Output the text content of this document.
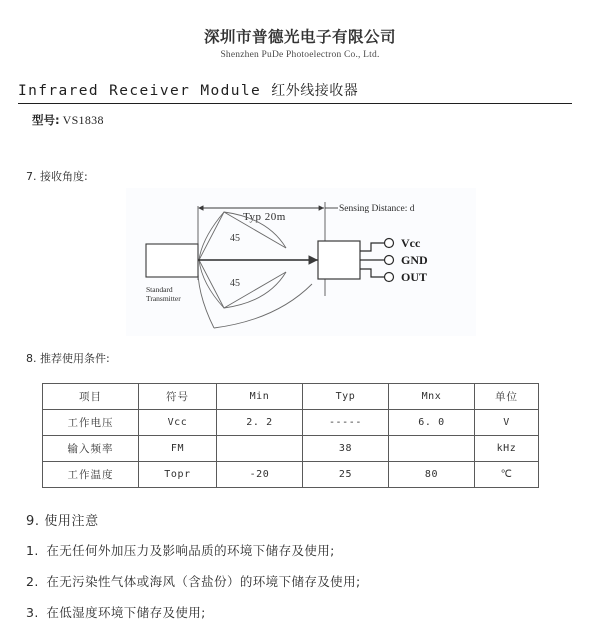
深圳市普德光电子有限公司
Shenzhen PuDe Photoelectron Co., Ltd.
Infrared Receiver Module 红外线接收器
型号: VS1838
7. 接收角度:
Typ 20m
Sensing Distance: d
45
45
Standard
Transmitter
Vcc
GND
OUT
8. 推荐使用条件:
项目	符号	Min	Typ	Mnx	单位
工作电压	Vcc	2. 2	-----	6. 0	V
输入频率	FM		38		kHz
工作温度	Topr	-20	25	80	℃
9. 使用注意
1. 在无任何外加压力及影响品质的环境下储存及使用;
2. 在无污染性气体或海风（含盐份）的环境下储存及使用;
3. 在低湿度环境下储存及使用;
